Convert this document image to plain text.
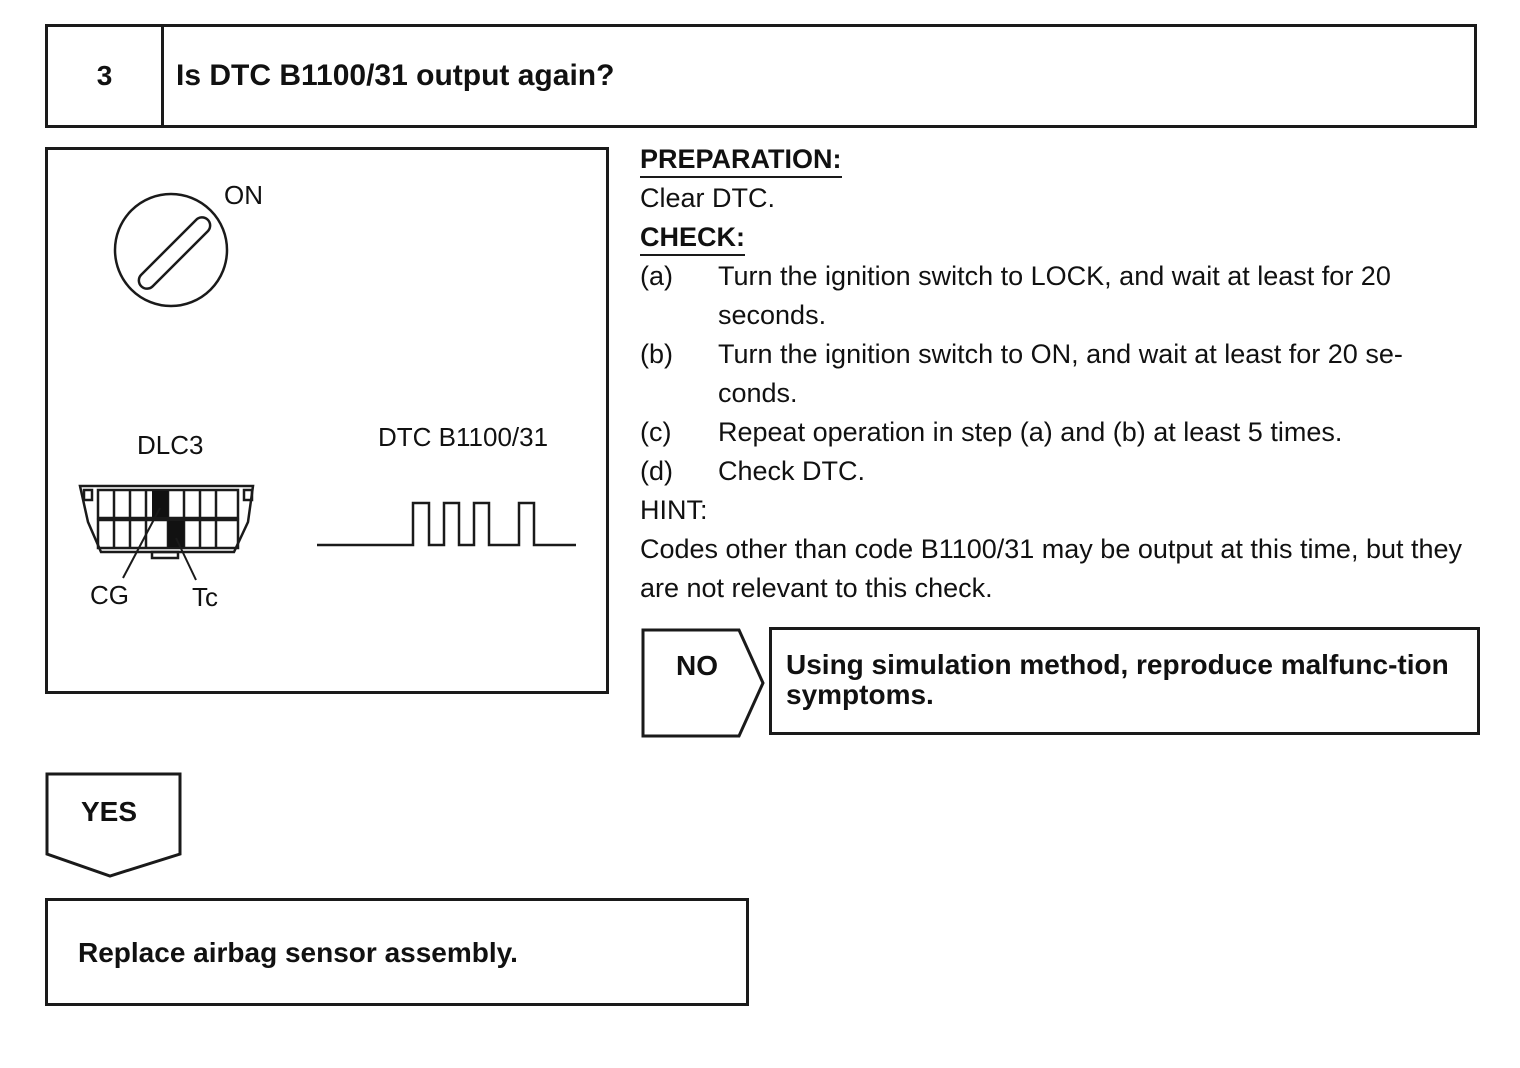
3	Is DTC B1100/31 output again?
ON
DLC3	DTC B1100/31
CG Tc
PREPARATION:
Clear DTC.
CHECK:
(a)	Turn the ignition switch to LOCK, and wait at least for 20 seconds.
(b)	Turn the ignition switch to ON, and wait at least for 20 se-conds.
(c)	Repeat operation in step (a) and (b) at least 5 times.
(d)	Check DTC.
HINT:
Codes other than code B1100/31 may be output at this time, but they are not relevant to this check.
NO	Using simulation method, reproduce malfunc-tion symptoms.
YES
Replace airbag sensor assembly.
